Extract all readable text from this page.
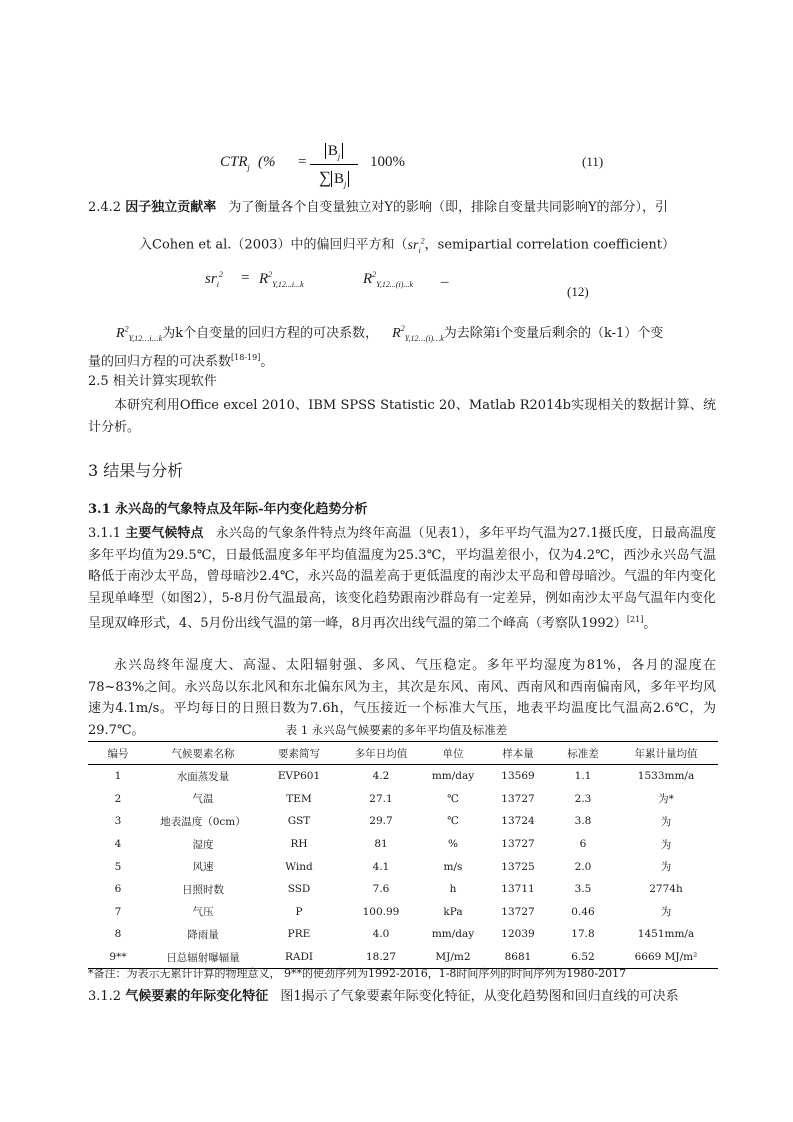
$CTR_j$ (% =
$B_j$
∑ $B_j$
100%	(11)
2.4.2 因子独立贡献率 为了衡量各个自变量独立对Y的影响（即，排除自变量共同影响Y的部分），引
入Cohen et al.（2003）中的偏回归平方和（$sr_i^2$，semipartial correlation coefficient）
$sr_i^2 = R^2_{Y,12...i...k}$	$R^2_{Y,12...(i)...k}$ –
(12)
$R^2_{Y,12\dots i\dots k}$为k个自变量的回归方程的可决系数， $R^2_{Y,12\dots(i)\dots k}$为去除第i个变量后剩余的（k-1）个变
量的回归方程的可决系数[18-19]。
2.5 相关计算实现软件
本研究利用Office excel 2010、IBM SPSS Statistic 20、Matlab R2014b实现相关的数据计算、统计分析。
3 结果与分析
3.1 永兴岛的气象特点及年际-年内变化趋势分析
3.1.1 主要气候特点 永兴岛的气象条件特点为终年高温（见表1），多年平均气温为27.1摄氏度，日最高温度多年平均值为29.5℃，日最低温度多年平均值温度为25.3℃，平均温差很小，仅为4.2℃，西沙永兴岛气温略低于南沙太平岛，曾母暗沙2.4℃，永兴岛的温差高于更低温度的南沙太平岛和曾母暗沙。气温的年内变化呈现单峰型（如图2），5-8月份气温最高，该变化趋势跟南沙群岛有一定差异，例如南沙太平岛气温年内变化呈现双峰形式，4、5月份出线气温的第一峰，8月再次出线气温的第二个峰高（考察队1992）[21]。
永兴岛终年湿度大、高湿、太阳辐射强、多风、气压稳定。多年平均湿度为81%，各月的湿度在78~83%之间。永兴岛以东北风和东北偏东风为主，其次是东风、南风、西南风和西南偏南风，多年平均风速为4.1m/s。平均每日的日照日数为7.6h，气压接近一个标准大气压，地表平均温度比气温高2.6℃，为29.7℃。	表 1 永兴岛气候要素的多年平均值及标准差
编号	气候要素名称	要素简写	多年日均值	单位	样本量	标准差	年累计量均值
1	水面蒸发量	EVP601	4.2	mm/day	13569	1.1	1533mm/a
2	气温	TEM	27.1	℃	13727	2.3	为*
3	地表温度（0cm）	GST	29.7	℃	13724	3.8	为
4	湿度	RH	81	%	13727	6	为
5	风速	Wind	4.1	m/s	13725	2.0	为
6	日照时数	SSD	7.6	h	13711	3.5	2774h
7	气压	P	100.99	kPa	13727	0.46	为
8	降雨量	PRE	4.0	mm/day	12039	17.8	1451mm/a
9**	日总辐射曝辐量	RADI	18.27	MJ/m2	8681	6.52	6669 MJ/m²
*备注：为表示无累计计算的物理意义， 9**的使劲序列为1992-2016，1-8时间序列的时间序列为1980-2017
3.1.2 气候要素的年际变化特征 图1揭示了气象要素年际变化特征，从变化趋势图和回归直线的可决系
